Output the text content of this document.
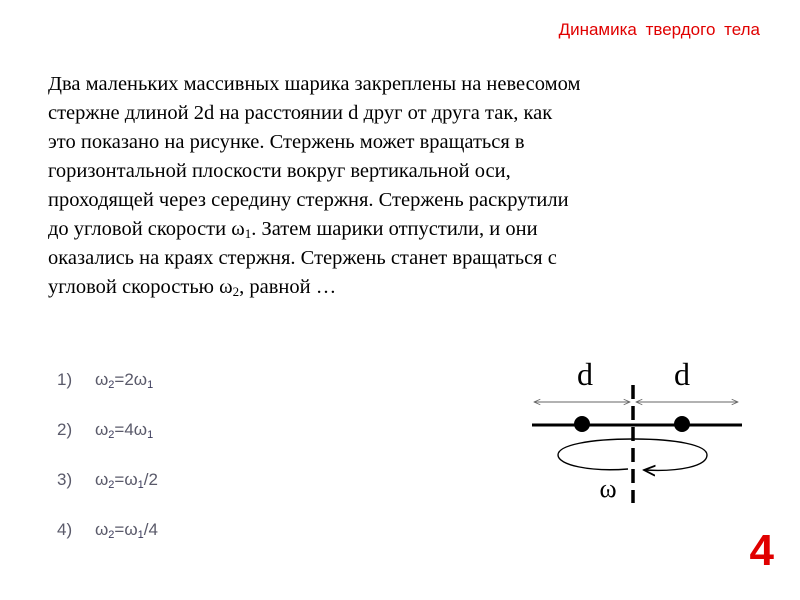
Динамика твердого тела
Два маленьких массивных шарика закреплены на невесомом
стержне длиной 2d на расстоянии d друг от друга так, как
это показано на рисунке. Стержень может вращаться в
горизонтальной плоскости вокруг вертикальной оси,
проходящей через середину стержня. Стержень раскрутили
до угловой скорости $\omega_1$. Затем шарики отпустили, и они
оказались на краях стержня. Стержень станет вращаться с
угловой скоростью $\omega_2$, равной …
1) $\omega_2=2\omega_1$
2) $\omega_2=4\omega_1$
3) $\omega_2=\omega_1/2$
4) $\omega_2=\omega_1/4$
d	d
ω
4
